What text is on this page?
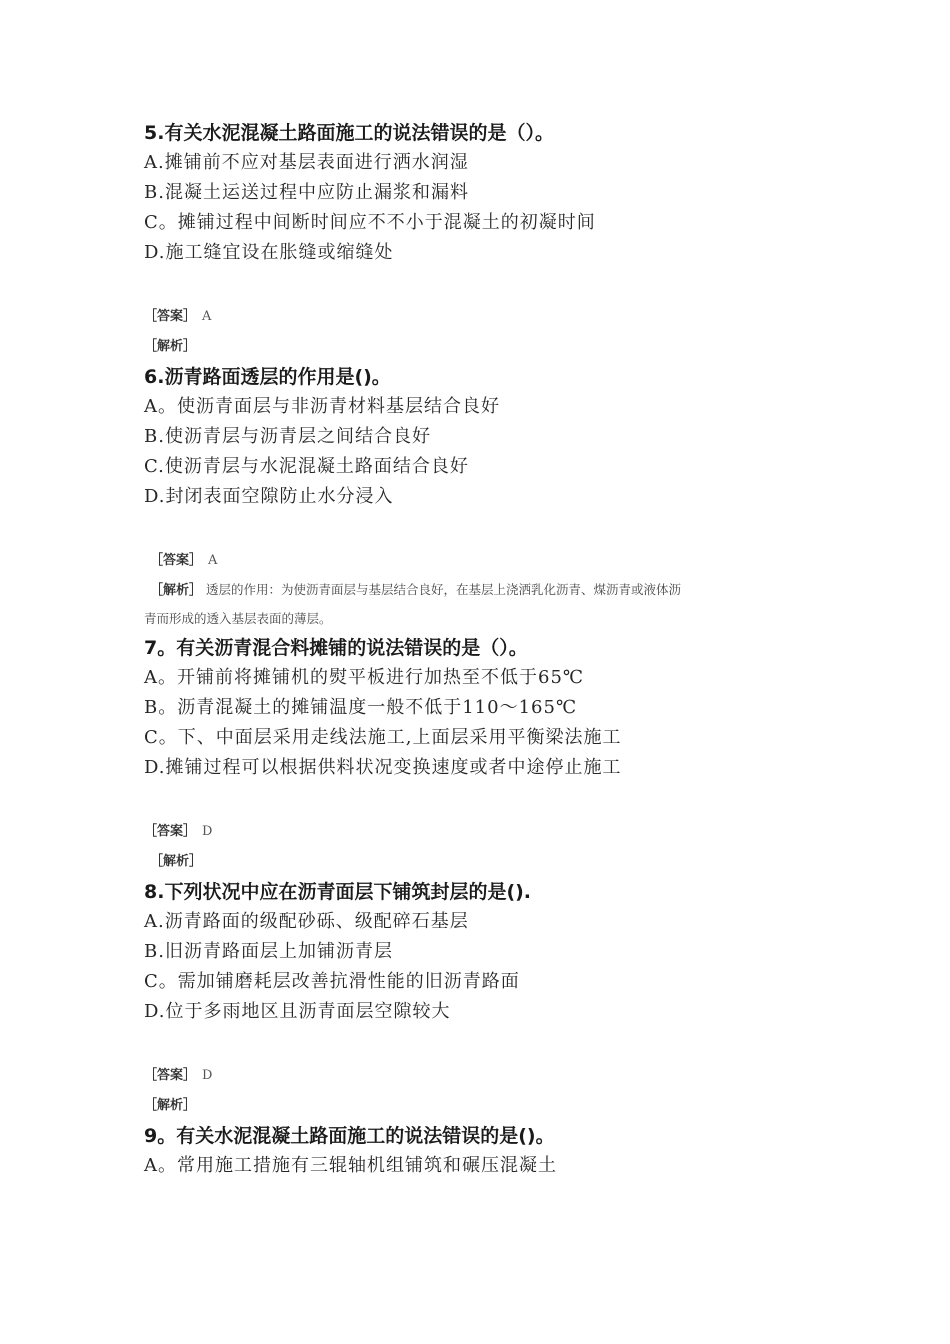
5.有关水泥混凝土路面施工的说法错误的是（）。
A.摊铺前不应对基层表面进行洒水润湿
B.混凝土运送过程中应防止漏浆和漏料
C。摊铺过程中间断时间应不不小于混凝土的初凝时间
D.施工缝宜设在胀缝或缩缝处
［答案］ A
［解析］
6.沥青路面透层的作用是()。
A。使沥青面层与非沥青材料基层结合良好
B.使沥青层与沥青层之间结合良好
C.使沥青层与水泥混凝土路面结合良好
D.封闭表面空隙防止水分浸入
［答案］ A
［解析］ 透层的作用：为使沥青面层与基层结合良好，在基层上浇洒乳化沥青、煤沥青或液体沥
青而形成的透入基层表面的薄层。
7。有关沥青混合料摊铺的说法错误的是（）。
A。开铺前将摊铺机的熨平板进行加热至不低于65℃
B。沥青混凝土的摊铺温度一般不低于110～165℃
C。下、中面层采用走线法施工,上面层采用平衡梁法施工
D.摊铺过程可以根据供料状况变换速度或者中途停止施工
［答案］ D
［解析］
8.下列状况中应在沥青面层下铺筑封层的是().
A.沥青路面的级配砂砾、级配碎石基层
B.旧沥青路面层上加铺沥青层
C。需加铺磨耗层改善抗滑性能的旧沥青路面
D.位于多雨地区且沥青面层空隙较大
［答案］ D
［解析］
9。有关水泥混凝土路面施工的说法错误的是()。
A。常用施工措施有三辊轴机组铺筑和碾压混凝土
